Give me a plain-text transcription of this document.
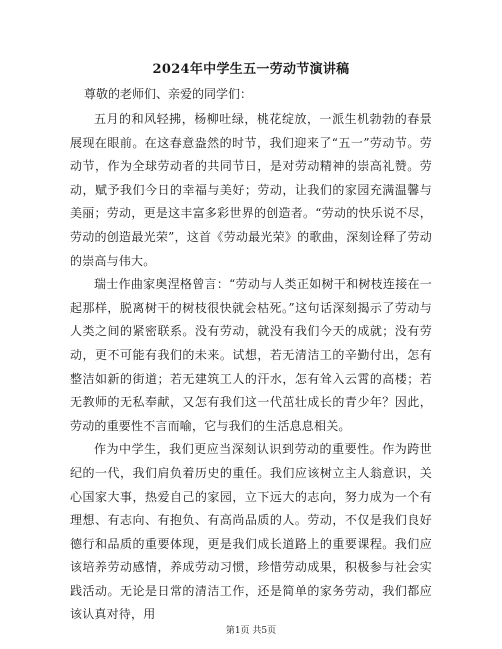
2024年中学生五一劳动节演讲稿
尊敬的老师们、亲爱的同学们：

五月的和风轻拂，杨柳吐绿，桃花绽放，一派生机勃勃的春景展现在眼前。在这春意盎然的时节，我们迎来了“五一”劳动节。劳动节，作为全球劳动者的共同节日，是对劳动精神的崇高礼赞。劳动，赋予我们今日的幸福与美好；劳动，让我们的家园充满温馨与美丽；劳动，更是这丰富多彩世界的创造者。“劳动的快乐说不尽，劳动的创造最光荣”，这首《劳动最光荣》的歌曲，深刻诠释了劳动的崇高与伟大。

瑞士作曲家奥涅格曾言：“劳动与人类正如树干和树枝连接在一起那样，脱离树干的树枝很快就会枯死。”这句话深刻揭示了劳动与人类之间的紧密联系。没有劳动，就没有我们今天的成就；没有劳动，更不可能有我们的未来。试想，若无清洁工的辛勤付出，怎有整洁如新的街道；若无建筑工人的汗水，怎有耸入云霄的高楼；若无教师的无私奉献，又怎有我们这一代茁壮成长的青少年？因此，劳动的重要性不言而喻，它与我们的生活息息相关。

作为中学生，我们更应当深刻认识到劳动的重要性。作为跨世纪的一代，我们肩负着历史的重任。我们应该树立主人翁意识，关心国家大事，热爱自己的家园，立下远大的志向，努力成为一个有理想、有志向、有抱负、有高尚品质的人。劳动，不仅是我们良好德行和品质的重要体现，更是我们成长道路上的重要课程。我们应该培养劳动感情，养成劳动习惯，珍惜劳动成果，积极参与社会实践活动。无论是日常的清洁工作，还是简单的家务劳动，我们都应该认真对待，用

第1页 共5页
